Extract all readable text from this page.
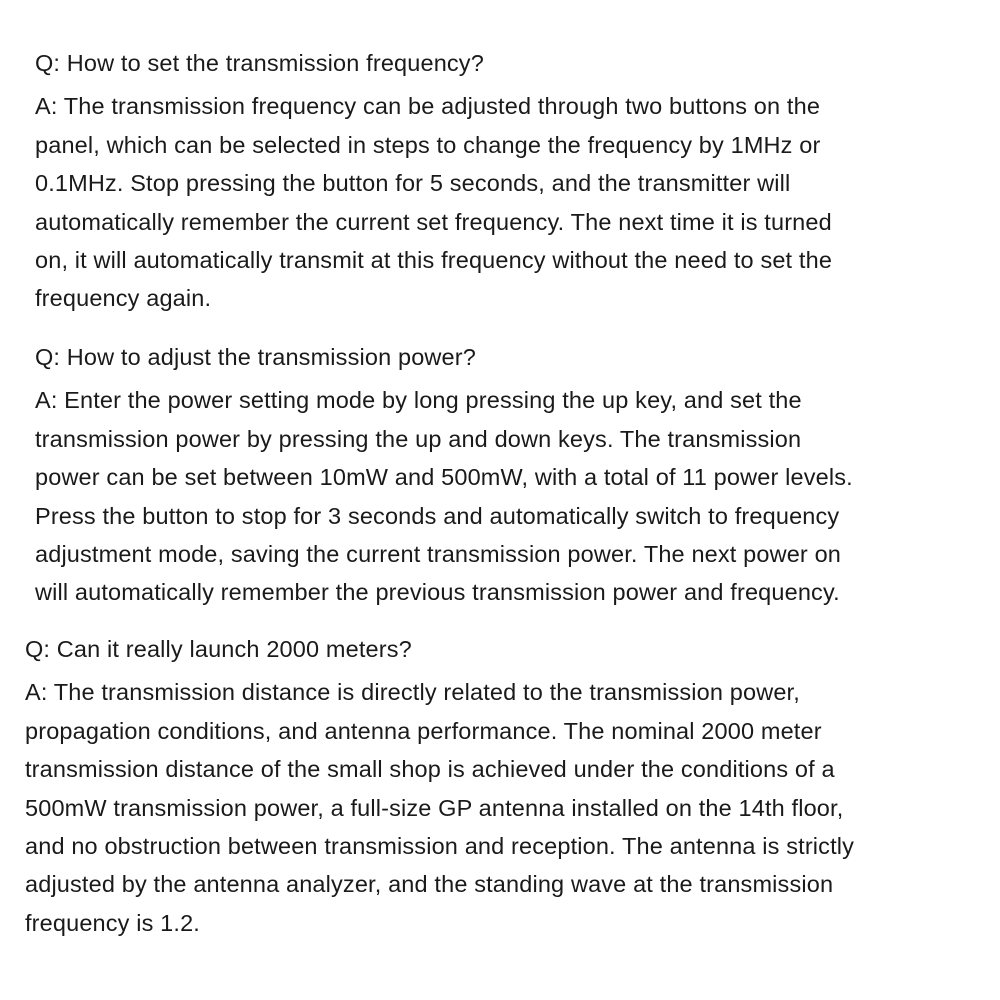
Q: How to set the transmission frequency?

A: The transmission frequency can be adjusted through two buttons on the
panel, which can be selected in steps to change the frequency by 1MHz or
0.1MHz. Stop pressing the button for 5 seconds, and the transmitter will
automatically remember the current set frequency. The next time it is turned
on, it will automatically transmit at this frequency without the need to set the
frequency again.

Q: How to adjust the transmission power?

A: Enter the power setting mode by long pressing the up key, and set the
transmission power by pressing the up and down keys. The transmission
power can be set between 10mW and 500mW, with a total of 11 power levels.
Press the button to stop for 3 seconds and automatically switch to frequency
adjustment mode, saving the current transmission power. The next power on
will automatically remember the previous transmission power and frequency.

Q: Can it really launch 2000 meters?

A: The transmission distance is directly related to the transmission power,
propagation conditions, and antenna performance. The nominal 2000 meter
transmission distance of the small shop is achieved under the conditions of a
500mW transmission power, a full-size GP antenna installed on the 14th floor,
and no obstruction between transmission and reception. The antenna is strictly
adjusted by the antenna analyzer, and the standing wave at the transmission
frequency is 1.2.
